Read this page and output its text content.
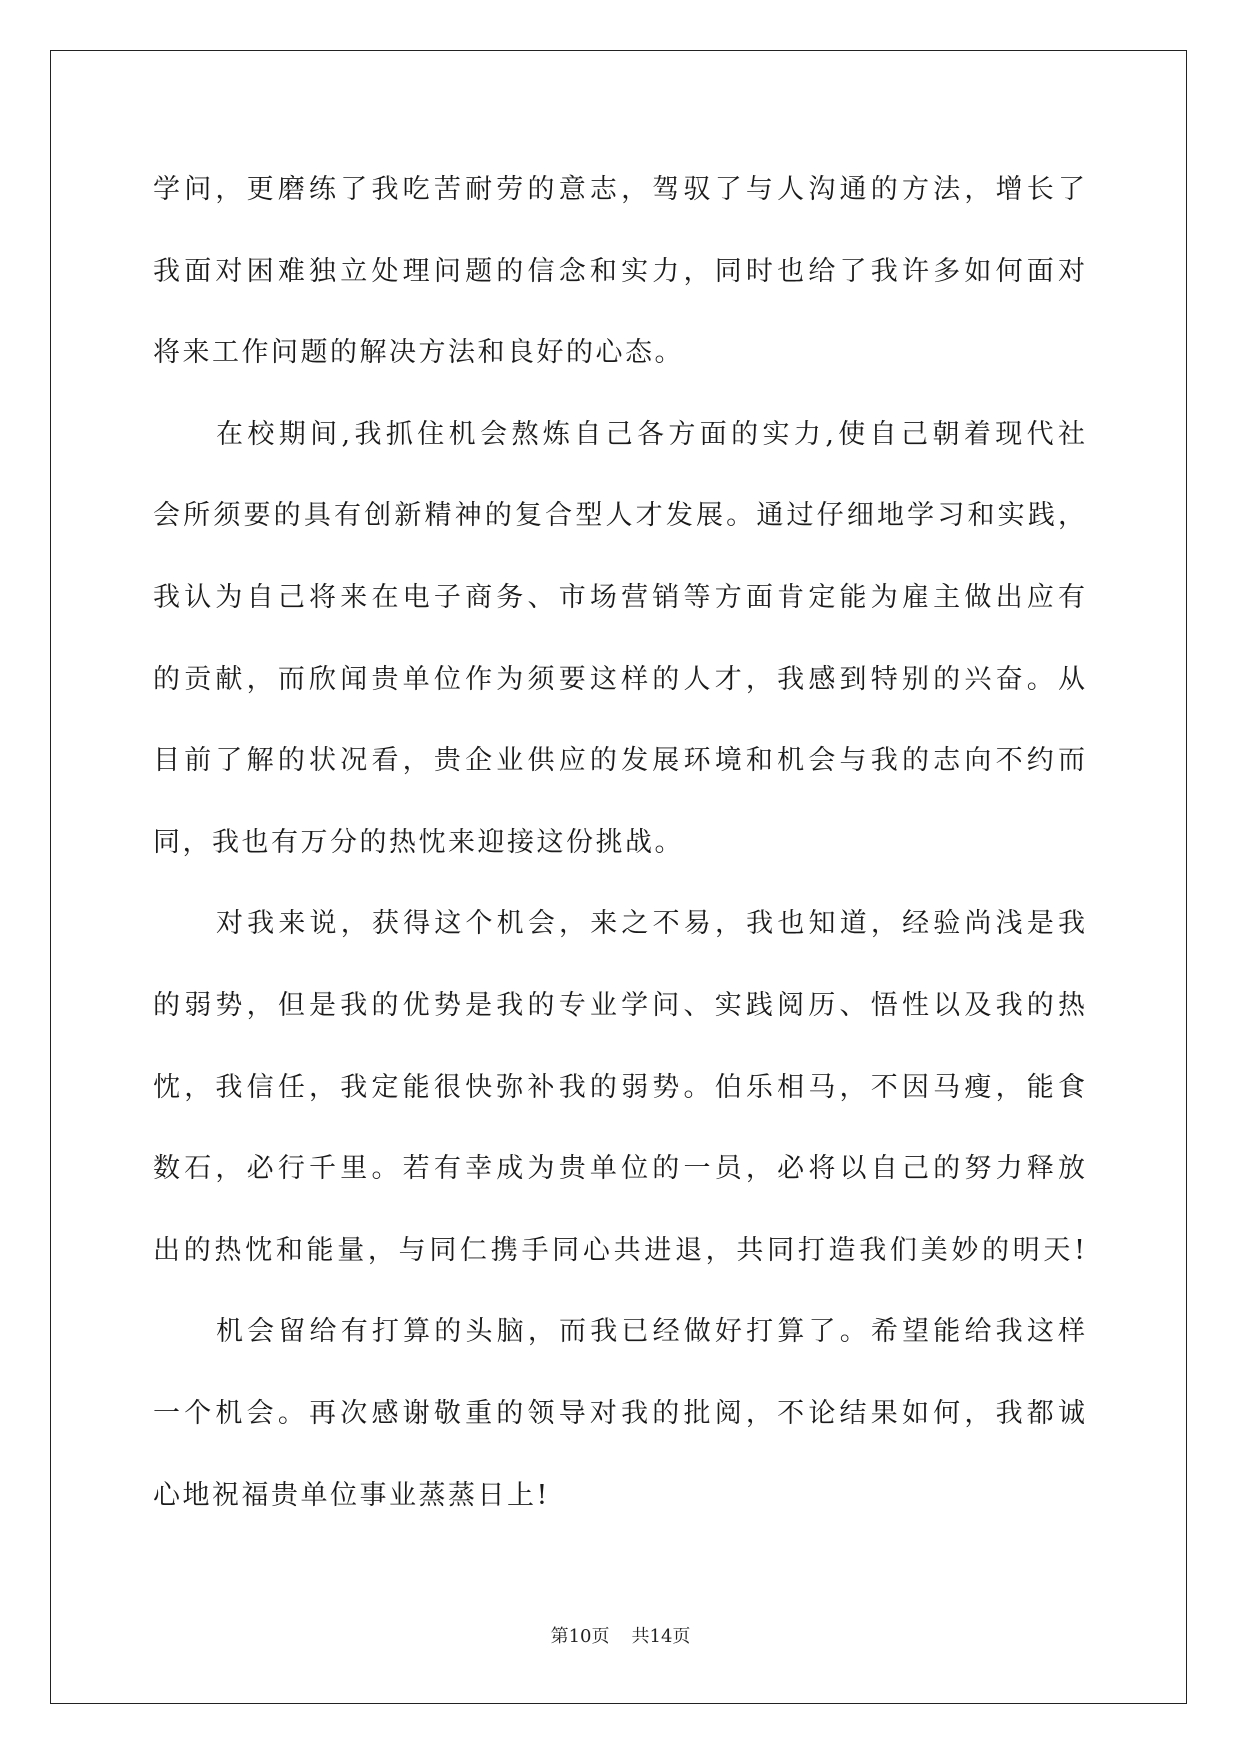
学问，更磨练了我吃苦耐劳的意志，驾驭了与人沟通的方法，增长了
我面对困难独立处理问题的信念和实力，同时也给了我许多如何面对
将来工作问题的解决方法和良好的心态。
在校期间,我抓住机会熬炼自己各方面的实力,使自己朝着现代社
会所须要的具有创新精神的复合型人才发展。通过仔细地学习和实践，
我认为自己将来在电子商务、市场营销等方面肯定能为雇主做出应有
的贡献，而欣闻贵单位作为须要这样的人才，我感到特别的兴奋。从
目前了解的状况看，贵企业供应的发展环境和机会与我的志向不约而
同，我也有万分的热忱来迎接这份挑战。
对我来说，获得这个机会，来之不易，我也知道，经验尚浅是我
的弱势，但是我的优势是我的专业学问、实践阅历、悟性以及我的热
忱，我信任，我定能很快弥补我的弱势。伯乐相马，不因马瘦，能食
数石，必行千里。若有幸成为贵单位的一员，必将以自己的努力释放
出的热忱和能量，与同仁携手同心共进退，共同打造我们美妙的明天!
机会留给有打算的头脑，而我已经做好打算了。希望能给我这样
一个机会。再次感谢敬重的领导对我的批阅，不论结果如何，我都诚
心地祝福贵单位事业蒸蒸日上!
第10页 共14页
